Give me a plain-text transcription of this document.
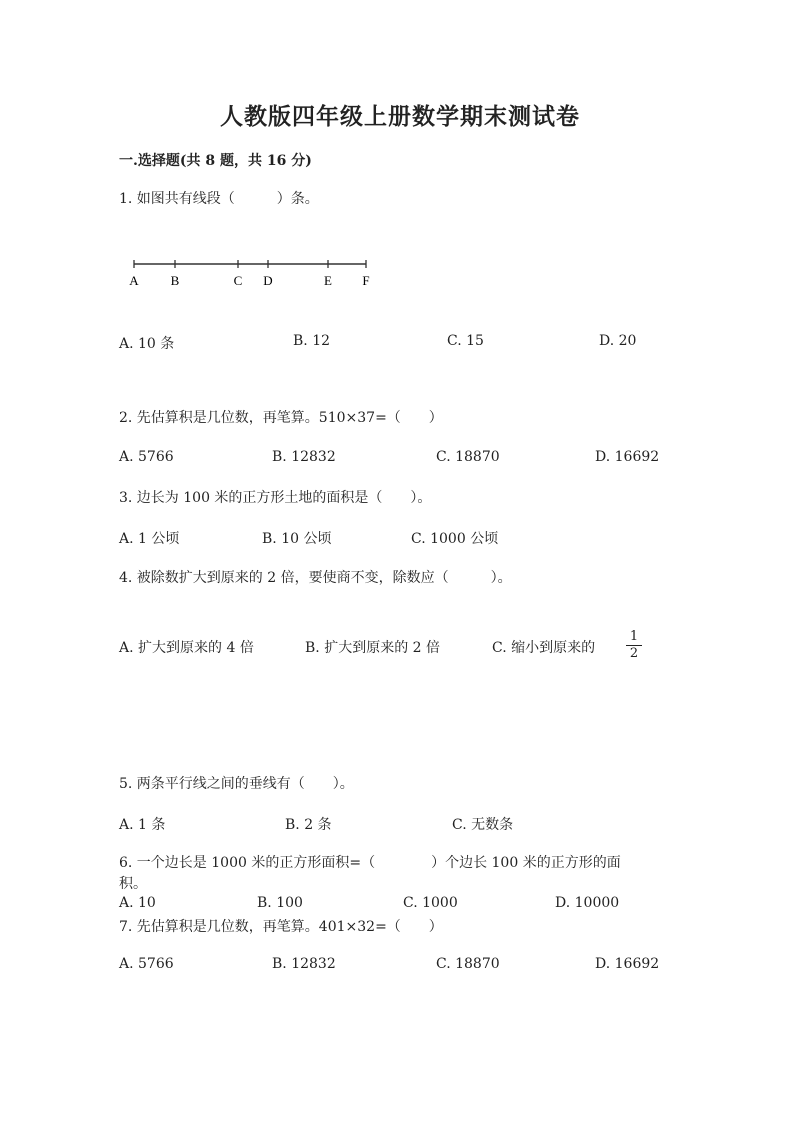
人教版四年级上册数学期末测试卷
一.选择题(共 8 题，共 16 分)
1. 如图共有线段（　　　）条。
A B	C D	E F
A. 10 条	B. 12	C. 15	D. 20
2. 先估算积是几位数，再笔算。510×37=（　　）
A. 5766	B. 12832	C. 18870	D. 16692
3. 边长为 100 米的正方形土地的面积是（　　）。
A. 1 公顷	B. 10 公顷	C. 1000 公顷
4. 被除数扩大到原来的 2 倍，要使商不变，除数应（　　　）。
A. 扩大到原来的 4 倍	B. 扩大到原来的 2 倍	C. 缩小到原来的
1
2
5. 两条平行线之间的垂线有（　　）。
A. 1 条	B. 2 条	C. 无数条
6. 一个边长是 1000 米的正方形面积=（　　　　）个边长 100 米的正方形的面
积。
A. 10	B. 100	C. 1000	D. 10000
7. 先估算积是几位数，再笔算。401×32=（　　）
A. 5766	B. 12832	C. 18870	D. 16692
